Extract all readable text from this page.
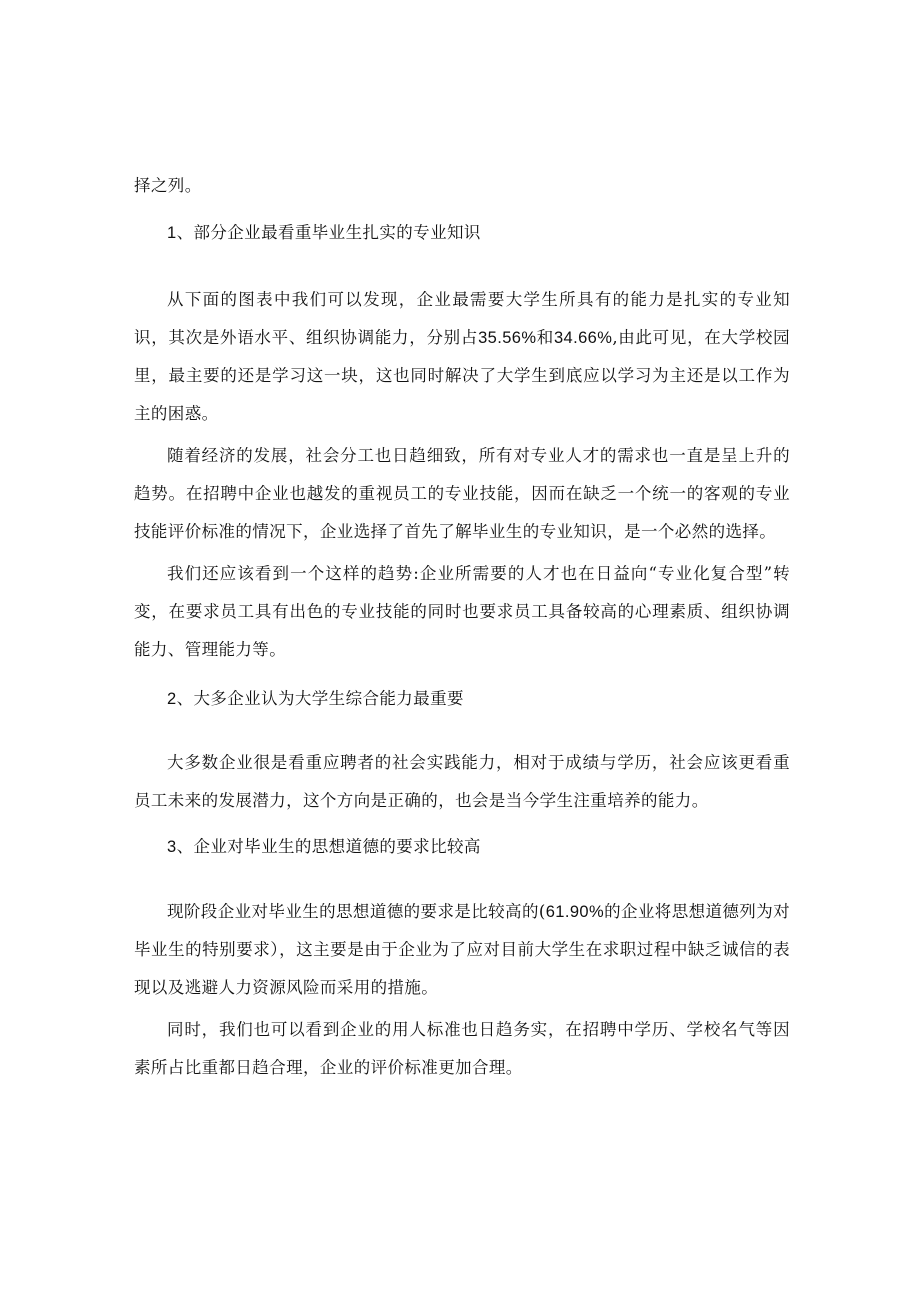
择之列。

1、部分企业最看重毕业生扎实的专业知识

从下面的图表中我们可以发现，企业最需要大学生所具有的能力是扎实的专业知识，其次是外语水平、组织协调能力，分别占35.56%和34.66%,由此可见，在大学校园里，最主要的还是学习这一块，这也同时解决了大学生到底应以学习为主还是以工作为主的困惑。

随着经济的发展，社会分工也日趋细致，所有对专业人才的需求也一直是呈上升的趋势。在招聘中企业也越发的重视员工的专业技能，因而在缺乏一个统一的客观的专业技能评价标准的情况下，企业选择了首先了解毕业生的专业知识，是一个必然的选择。

我们还应该看到一个这样的趋势:企业所需要的人才也在日益向“专业化复合型”转变，在要求员工具有出色的专业技能的同时也要求员工具备较高的心理素质、组织协调能力、管理能力等。

2、大多企业认为大学生综合能力最重要

大多数企业很是看重应聘者的社会实践能力，相对于成绩与学历，社会应该更看重员工未来的发展潜力，这个方向是正确的，也会是当今学生注重培养的能力。

3、企业对毕业生的思想道德的要求比较高

现阶段企业对毕业生的思想道德的要求是比较高的(61.90%的企业将思想道德列为对毕业生的特别要求），这主要是由于企业为了应对目前大学生在求职过程中缺乏诚信的表现以及逃避人力资源风险而采用的措施。

同时，我们也可以看到企业的用人标准也日趋务实，在招聘中学历、学校名气等因素所占比重都日趋合理，企业的评价标准更加合理。
